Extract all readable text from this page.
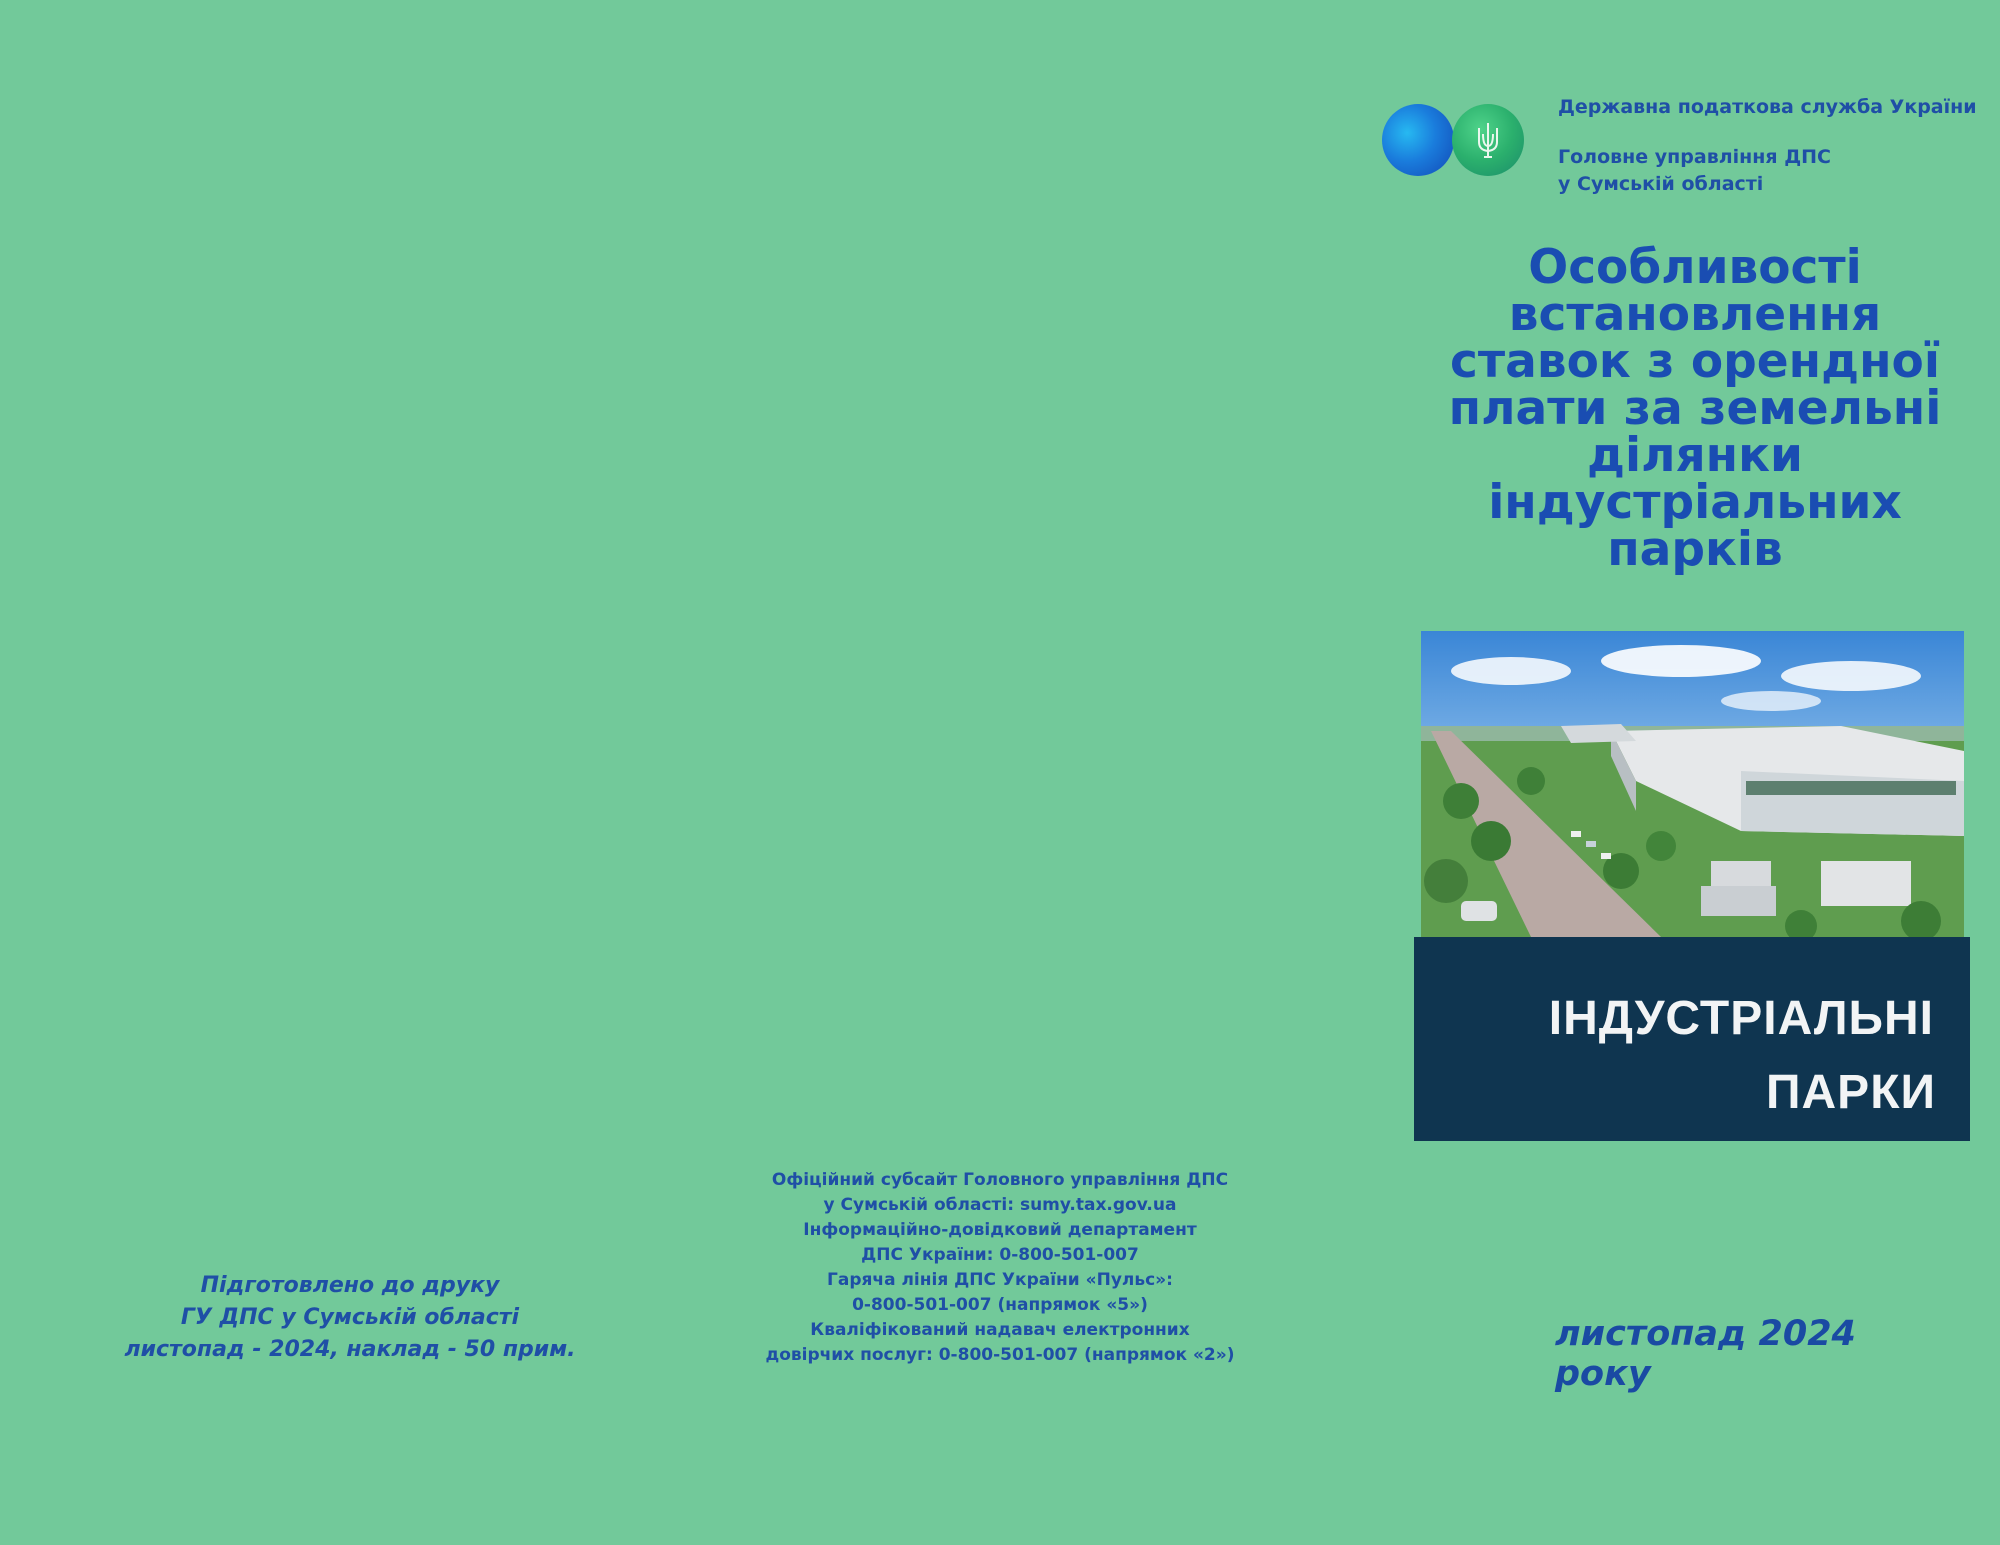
Державна податкова служба України
Головне управління ДПС
у Сумській області
Особливості
встановлення
ставок з орендної
плати за земельні
ділянки
індустріальних
парків
ІНДУСТРІАЛЬНІ
ПАРКИ
листопад 2024 року
Офіційний субсайт Головного управління ДПС
у Сумській області: sumy.tax.gov.ua
Інформаційно-довідковий департамент
ДПС України: 0-800-501-007
Гаряча лінія ДПС України «Пульс»:
0-800-501-007 (напрямок «5»)
Кваліфікований надавач електронних
довірчих послуг: 0-800-501-007 (напрямок «2»)
Підготовлено до друку
ГУ ДПС у Сумській області
листопад - 2024, наклад - 50 прим.
